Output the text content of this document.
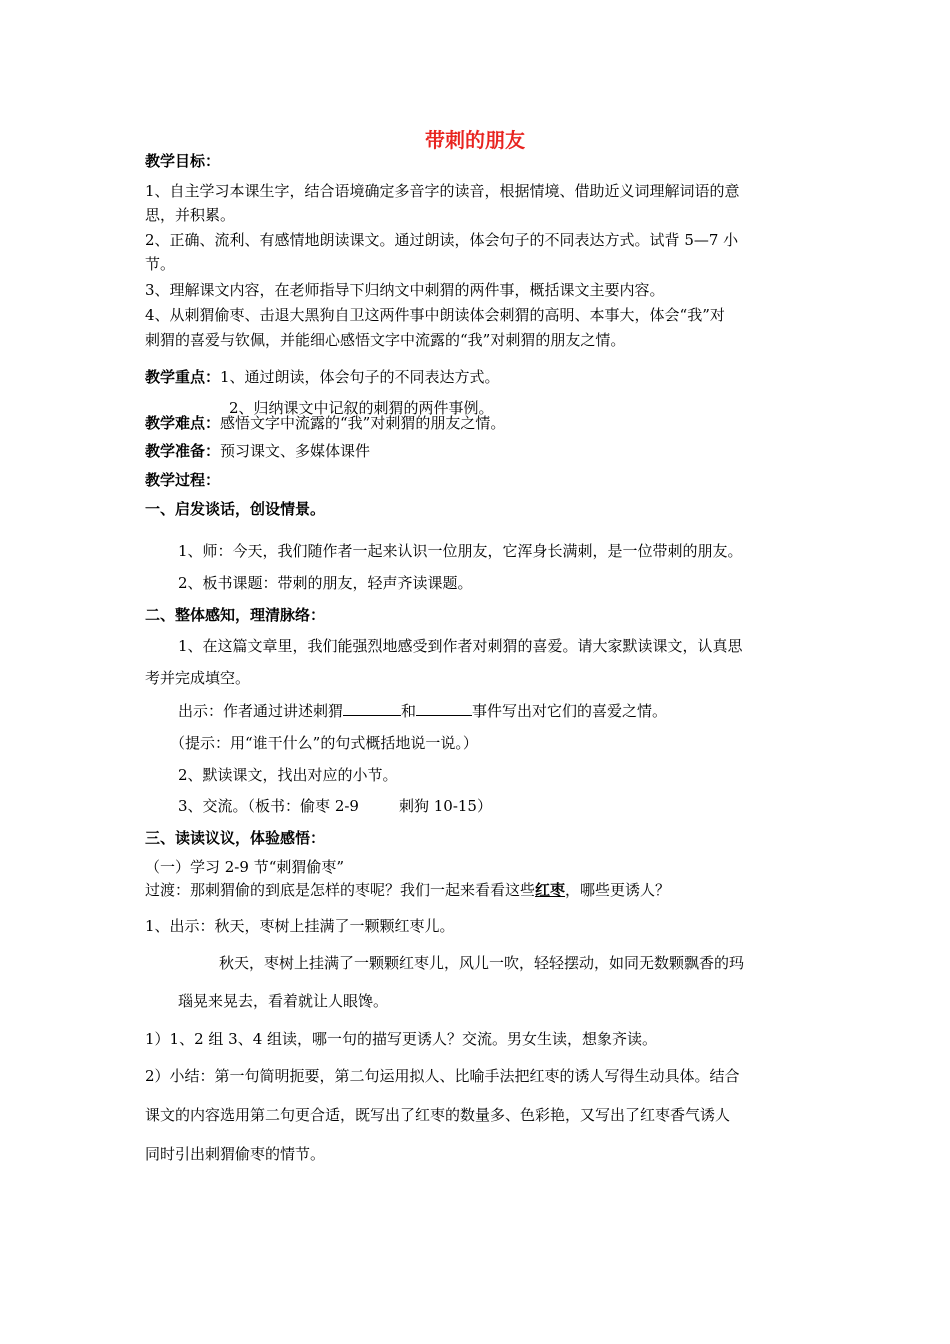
带刺的朋友
教学目标：
1、自主学习本课生字，结合语境确定多音字的读音，根据情境、借助近义词理解词语的意
思，并积累。
2、正确、流利、有感情地朗读课文。通过朗读，体会句子的不同表达方式。试背 5—7 小
节。
3、理解课文内容，在老师指导下归纳文中刺猬的两件事，概括课文主要内容。
4、从刺猬偷枣、击退大黑狗自卫这两件事中朗读体会刺猬的高明、本事大，体会“我”对
刺猬的喜爱与钦佩，并能细心感悟文字中流露的“我”对刺猬的朋友之情。
教学重点：1、通过朗读，体会句子的不同表达方式。
2、归纳课文中记叙的刺猬的两件事例。
教学难点：感悟文字中流露的“我”对刺猬的朋友之情。
教学准备：预习课文、多媒体课件
教学过程：
一、启发谈话，创设情景。
1、师：今天，我们随作者一起来认识一位朋友，它浑身长满刺，是一位带刺的朋友。
2、板书课题：带刺的朋友，轻声齐读课题。
二、整体感知，理清脉络：
1、在这篇文章里，我们能强烈地感受到作者对刺猬的喜爱。请大家默读课文，认真思
考并完成填空。
出示：作者通过讲述刺猬	和	事件写出对它们的喜爱之情。
（提示：用“谁干什么”的句式概括地说一说。）
2、默读课文，找出对应的小节。
3、交流。（板书：偷枣 2-9	刺狗 10-15）
三、读读议议，体验感悟：
（一）学习 2-9 节“刺猬偷枣”
过渡：那刺猬偷的到底是怎样的枣呢？我们一起来看看这些红枣，哪些更诱人？
1、出示：秋天，枣树上挂满了一颗颗红枣儿。
秋天，枣树上挂满了一颗颗红枣儿，风儿一吹，轻轻摆动，如同无数颗飘香的玛
瑙晃来晃去，看着就让人眼馋。
1）1、2 组 3、4 组读，哪一句的描写更诱人？交流。男女生读，想象齐读。
2）小结：第一句简明扼要，第二句运用拟人、比喻手法把红枣的诱人写得生动具体。结合
课文的内容选用第二句更合适，既写出了红枣的数量多、色彩艳，又写出了红枣香气诱人
同时引出刺猬偷枣的情节。
